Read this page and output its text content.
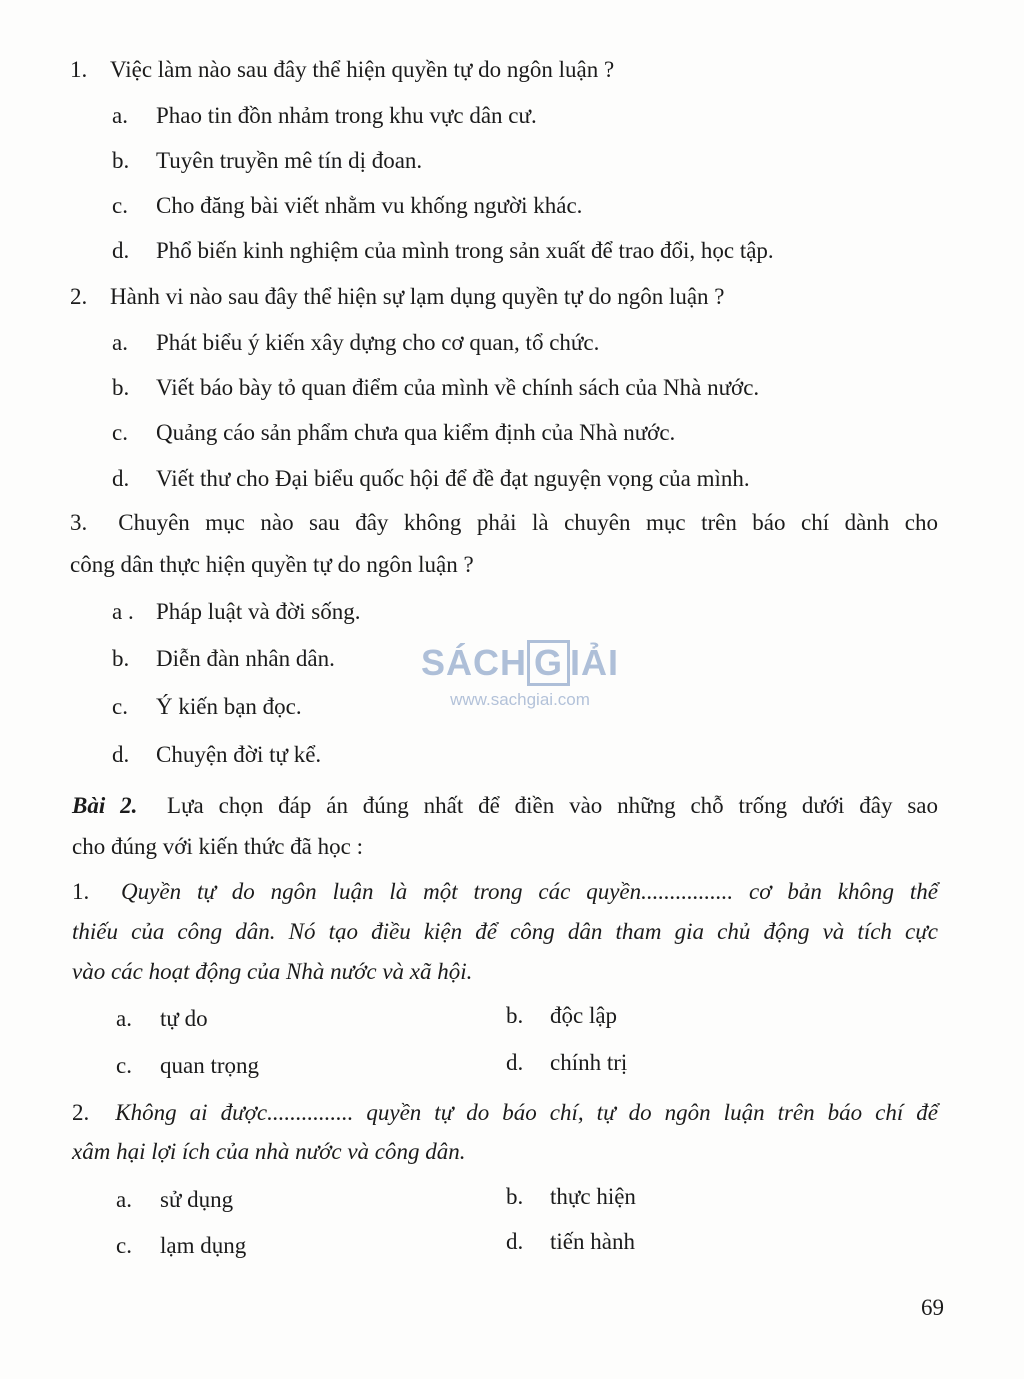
1. Việc làm nào sau đây thể hiện quyền tự do ngôn luận ?
a. Phao tin đồn nhảm trong khu vực dân cư.
b. Tuyên truyền mê tín dị đoan.
c. Cho đăng bài viết nhằm vu khống người khác.
d. Phổ biến kinh nghiệm của mình trong sản xuất để trao đổi, học tập.
2. Hành vi nào sau đây thể hiện sự lạm dụng quyền tự do ngôn luận ?
a. Phát biểu ý kiến xây dựng cho cơ quan, tổ chức.
b. Viết báo bày tỏ quan điểm của mình về chính sách của Nhà nước.
c. Quảng cáo sản phẩm chưa qua kiểm định của Nhà nước.
d. Viết thư cho Đại biểu quốc hội để đề đạt nguyện vọng của mình.
3. Chuyên mục nào sau đây không phải là chuyên mục trên báo chí dành cho
công dân thực hiện quyền tự do ngôn luận ?
a . Pháp luật và đời sống.
b. Diễn đàn nhân dân.
c. Ý kiến bạn đọc.
d. Chuyện đời tự kể.
Bài 2. Lựa chọn đáp án đúng nhất để điền vào những chỗ trống dưới đây sao
cho đúng với kiến thức đã học :
1. Quyền tự do ngôn luận là một trong các quyền................ cơ bản không thể
thiếu của công dân. Nó tạo điều kiện để công dân tham gia chủ động và tích cực
vào các hoạt động của Nhà nước và xã hội.
a. tự do	b. độc lập
c. quan trọng	d. chính trị
2. Không ai được............... quyền tự do báo chí, tự do ngôn luận trên báo chí để
xâm hại lợi ích của nhà nước và công dân.
a. sử dụng	b. thực hiện
c. lạm dụng	d. tiến hành
SÁCH G IẢI
www.sachgiai.com
69
